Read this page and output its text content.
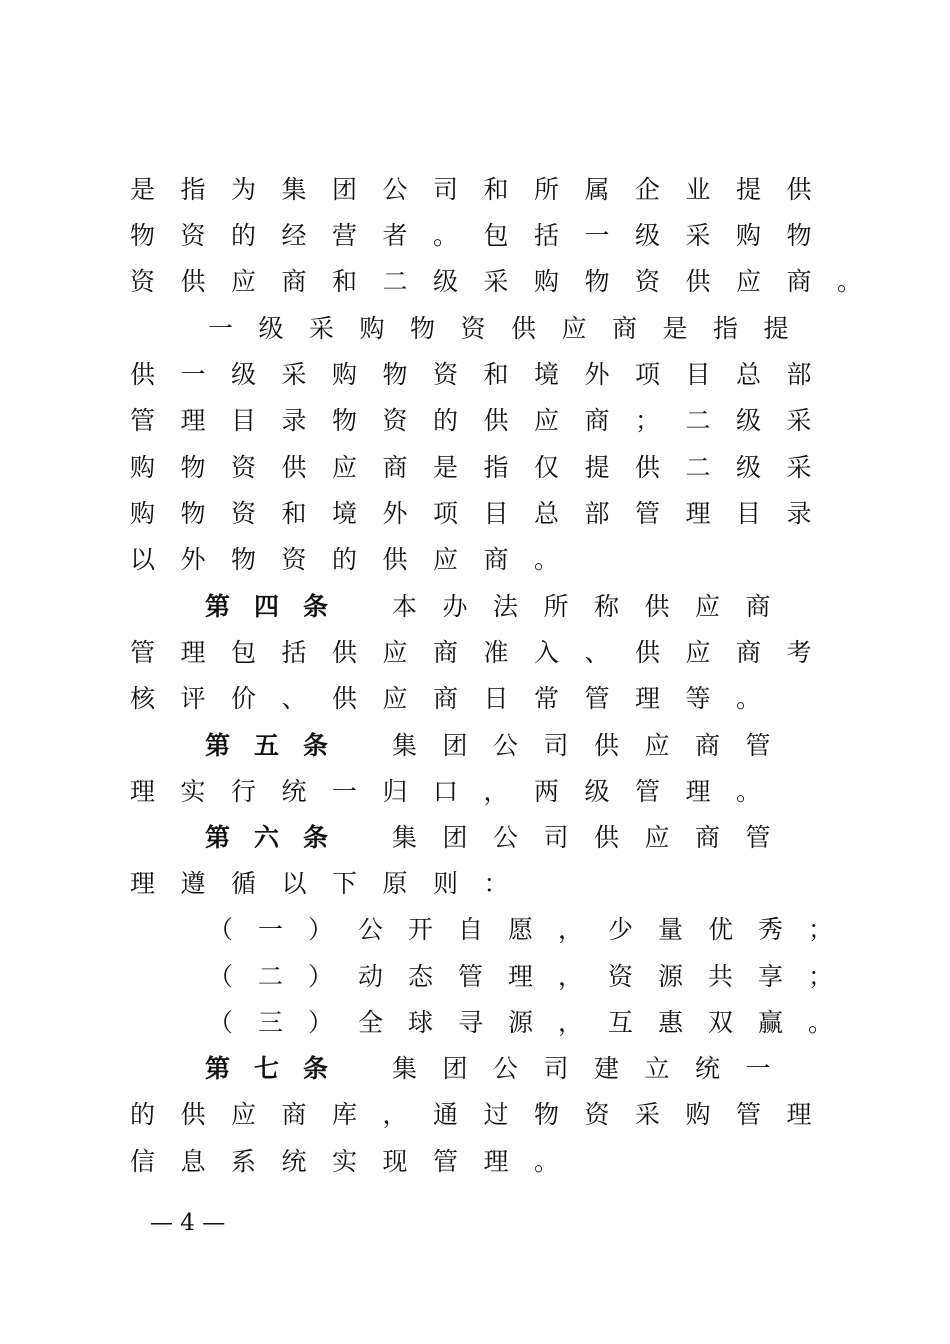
是指为集团公司和所属企业提供
物资的经营者。包括一级采购物
资供应商和二级采购物资供应商。
一级采购物资供应商是指提
供一级采购物资和境外项目总部
管理目录物资的供应商；二级采
购物资供应商是指仅提供二级采
购物资和境外项目总部管理目录
以外物资的供应商。
第四条 本办法所称供应商
管理包括供应商准入、供应商考
核评价、供应商日常管理等。
第五条 集团公司供应商管
理实行统一归口，两级管理。
第六条 集团公司供应商管
理遵循以下原则：
（一）公开自愿，少量优秀；
（二）动态管理，资源共享；
（三）全球寻源，互惠双赢。
第七条 集团公司建立统一
的供应商库，通过物资采购管理
信息系统实现管理。
— 4 —
